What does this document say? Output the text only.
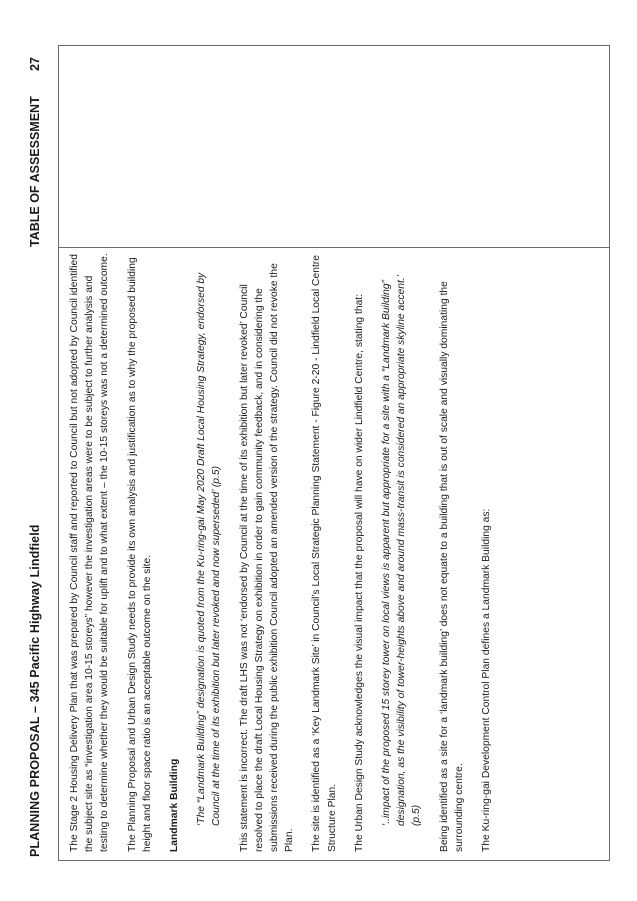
PLANNING PROPOSAL – 345 Pacific Highway Lindfield
TABLE OF ASSESSMENT
27

The Stage 2 Housing Delivery Plan that was prepared by Council staff and reported to Council but not adopted by Council identified the subject site as “investigation area 10-15 storeys” however the investigation areas were to be subject to further analysis and testing to determine whether they would be suitable for uplift and to what extent – the 10-15 storeys was not a determined outcome. The Planning Proposal and Urban Design Study needs to provide its own analysis and justification as to why the proposed building height and floor space ratio is an acceptable outcome on the site. Landmark Building ‘The “Landmark Building” designation is quoted from the Ku-ring-gai May 2020 Draft Local Housing Strategy, endorsed by Council at the time of its exhibition but later revoked and now superseded’ (p.5) This statement is incorrect. The draft LHS was not ‘endorsed by Council at the time of its exhibition but later revoked’ Council resolved to place the draft Local Housing Strategy on exhibition in order to gain community feedback, and in considering the submissions received during the public exhibition Council adopted an amended version of the strategy. Council did not revoke the Plan. The site is identified as a ‘Key Landmark Site’ in Council’s Local Strategic Planning Statement - Figure 2-20 - Lindfield Local Centre Structure Plan. The Urban Design Study acknowledges the visual impact that the proposal will have on wider Lindfield Centre, stating that: ‘..impact of the proposed 15 storey tower on local views is apparent but appropriate for a site with a “Landmark Building” designation, as the visibility of tower-heights above and around mass-transit is considered an appropriate skyline accent.’ (p.5) Being identified as a site for a ‘landmark building’ does not equate to a building that is out of scale and visually dominating the surrounding centre. The Ku-ring-gai Development Control Plan defines a Landmark Building as:
